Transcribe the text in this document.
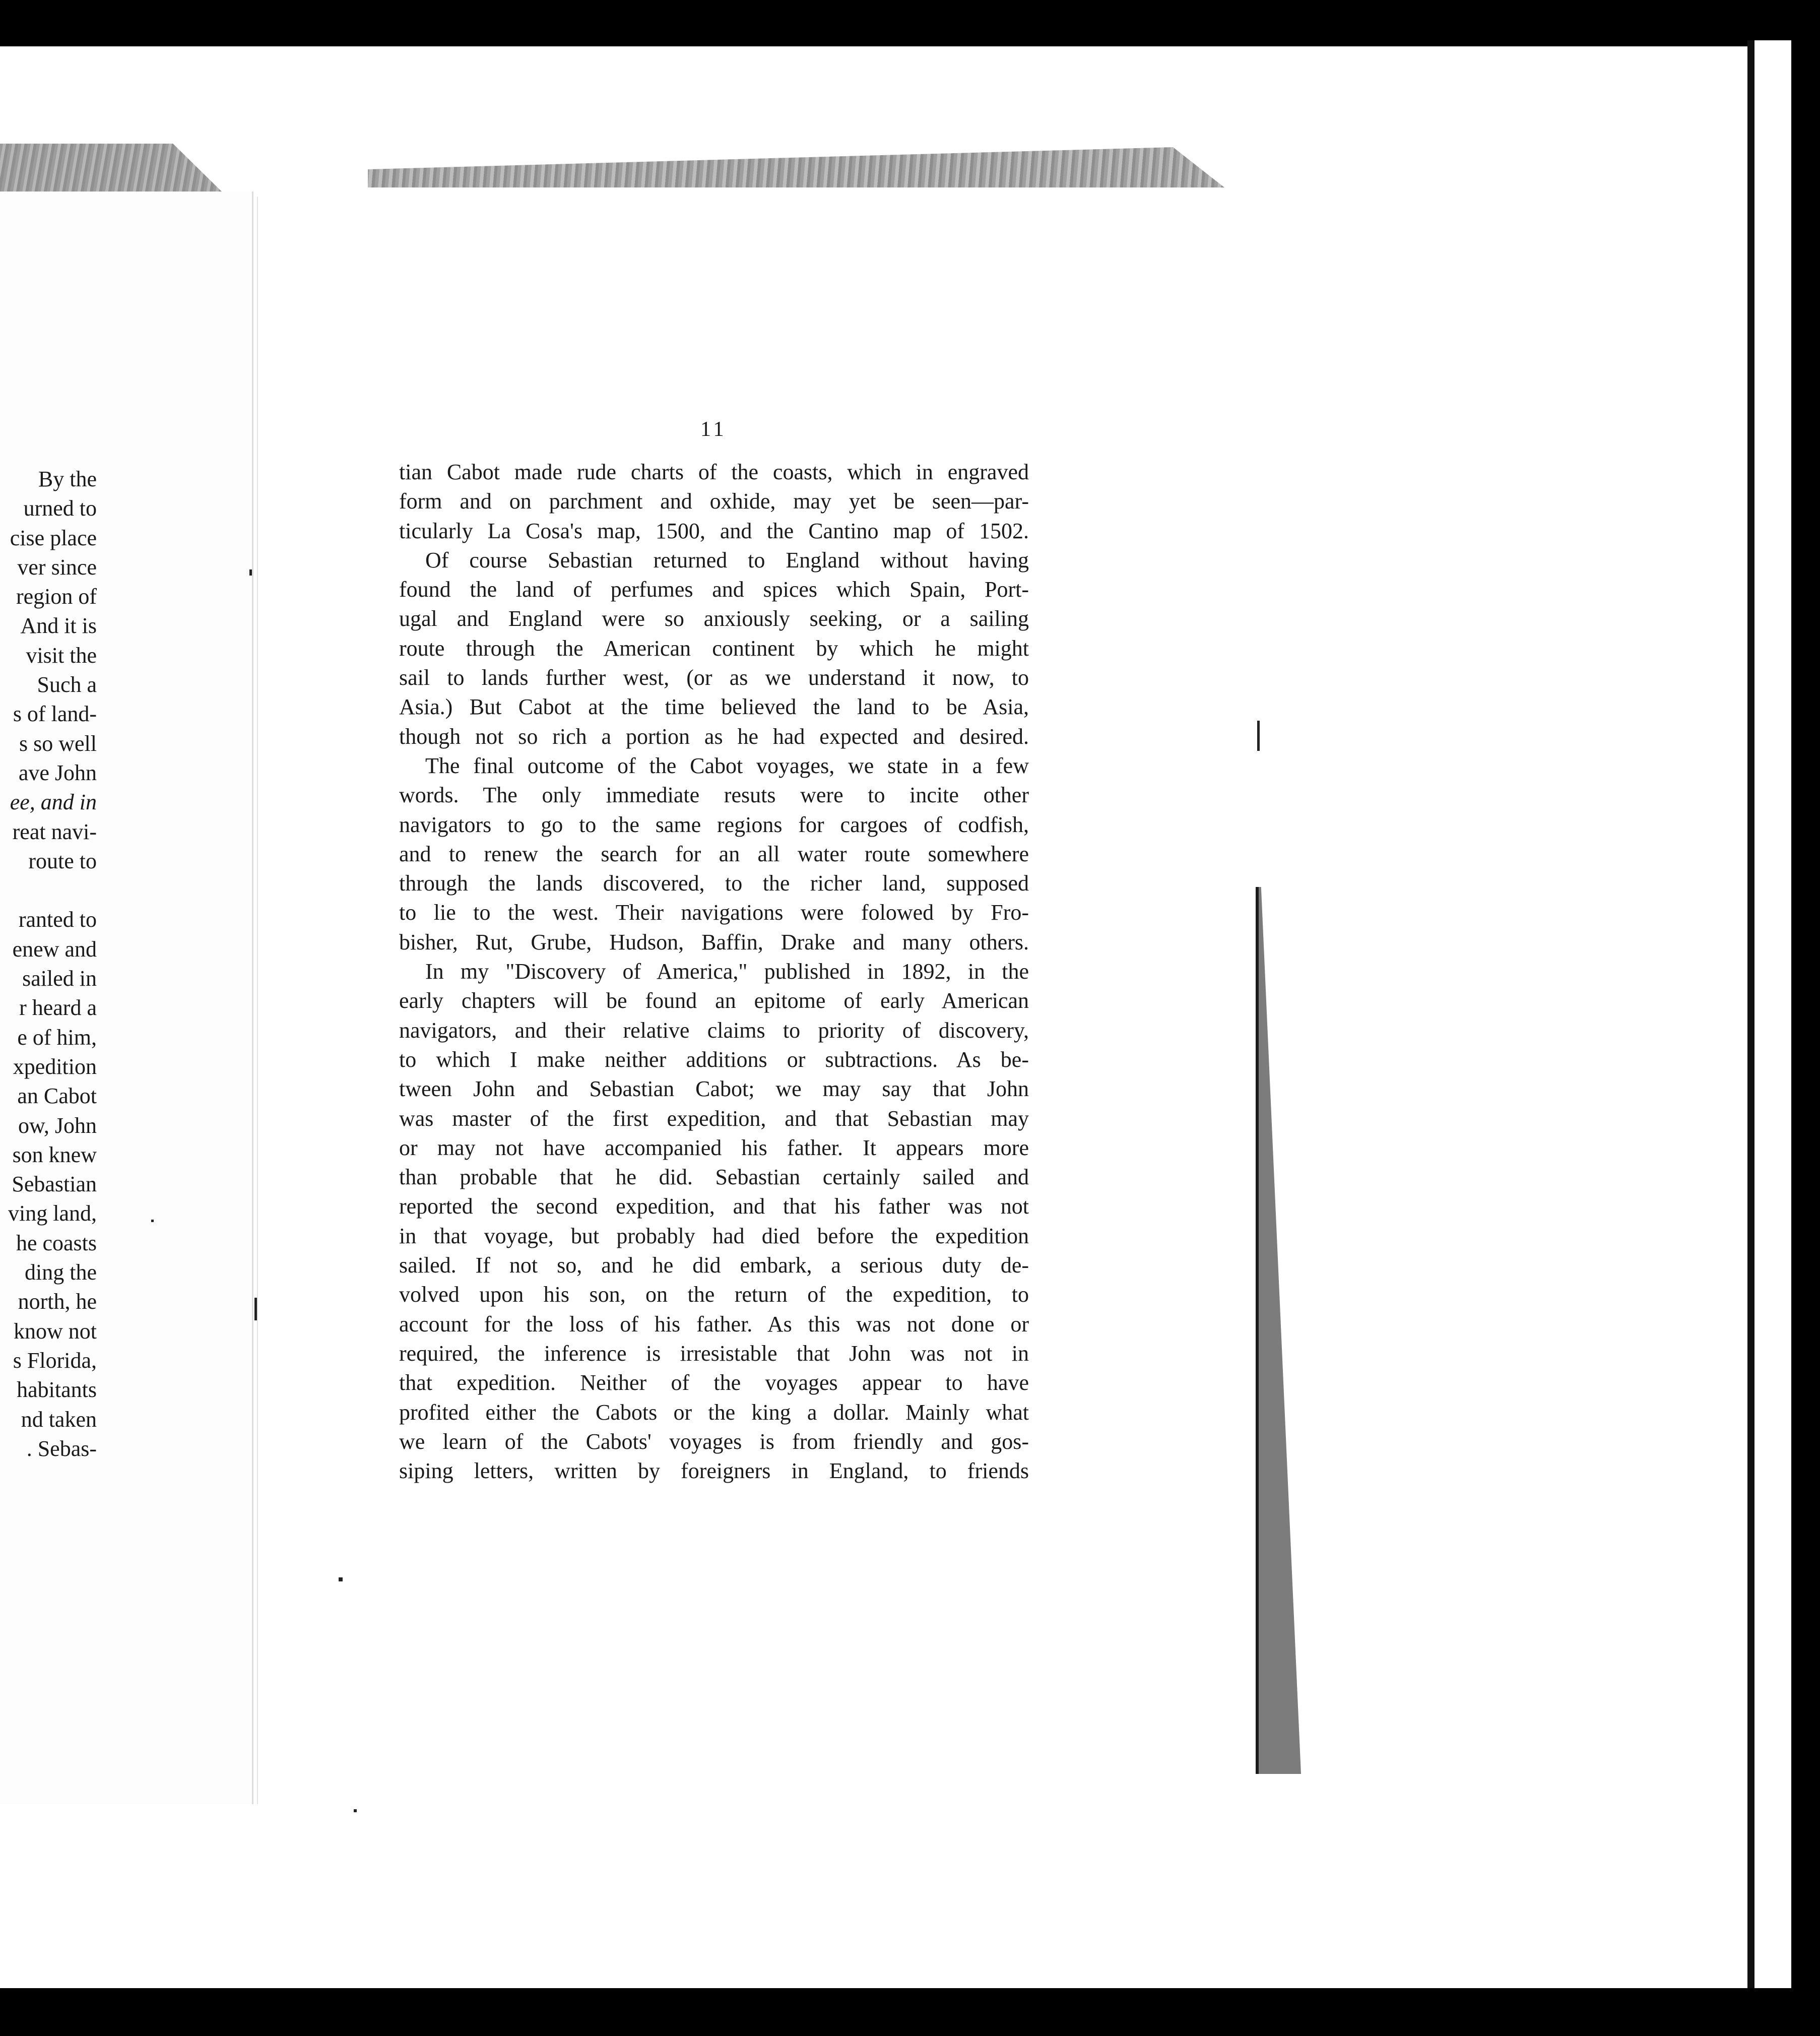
By the
urned to
cise place
ver since
region of
And it is
visit the
Such a
s of land-
s so well
ave John
ee, and in
reat navi-
route to
ranted to
enew and
sailed in
r heard a
e of him,
xpedition
an Cabot
ow, John
son knew
Sebastian
ving land,
he coasts
ding the
north, he
know not
s Florida,
habitants
nd taken
. Sebas-
11
tian Cabot made rude charts of the coasts, which in engraved
form and on parchment and oxhide, may yet be seen—par-
ticularly La Cosa's map, 1500, and the Cantino map of 1502.
Of course Sebastian returned to England without having
found the land of perfumes and spices which Spain, Port-
ugal and England were so anxiously seeking, or a sailing
route through the American continent by which he might
sail to lands further west, (or as we understand it now, to
Asia.) But Cabot at the time believed the land to be Asia,
though not so rich a portion as he had expected and desired.
The final outcome of the Cabot voyages, we state in a few
words. The only immediate resuts were to incite other
navigators to go to the same regions for cargoes of codfish,
and to renew the search for an all water route somewhere
through the lands discovered, to the richer land, supposed
to lie to the west. Their navigations were folowed by Fro-
bisher, Rut, Grube, Hudson, Baffin, Drake and many others.
In my "Discovery of America," published in 1892, in the
early chapters will be found an epitome of early American
navigators, and their relative claims to priority of discovery,
to which I make neither additions or subtractions. As be-
tween John and Sebastian Cabot; we may say that John
was master of the first expedition, and that Sebastian may
or may not have accompanied his father. It appears more
than probable that he did. Sebastian certainly sailed and
reported the second expedition, and that his father was not
in that voyage, but probably had died before the expedition
sailed. If not so, and he did embark, a serious duty de-
volved upon his son, on the return of the expedition, to
account for the loss of his father. As this was not done or
required, the inference is irresistable that John was not in
that expedition. Neither of the voyages appear to have
profited either the Cabots or the king a dollar. Mainly what
we learn of the Cabots' voyages is from friendly and gos-
siping letters, written by foreigners in England, to friends
